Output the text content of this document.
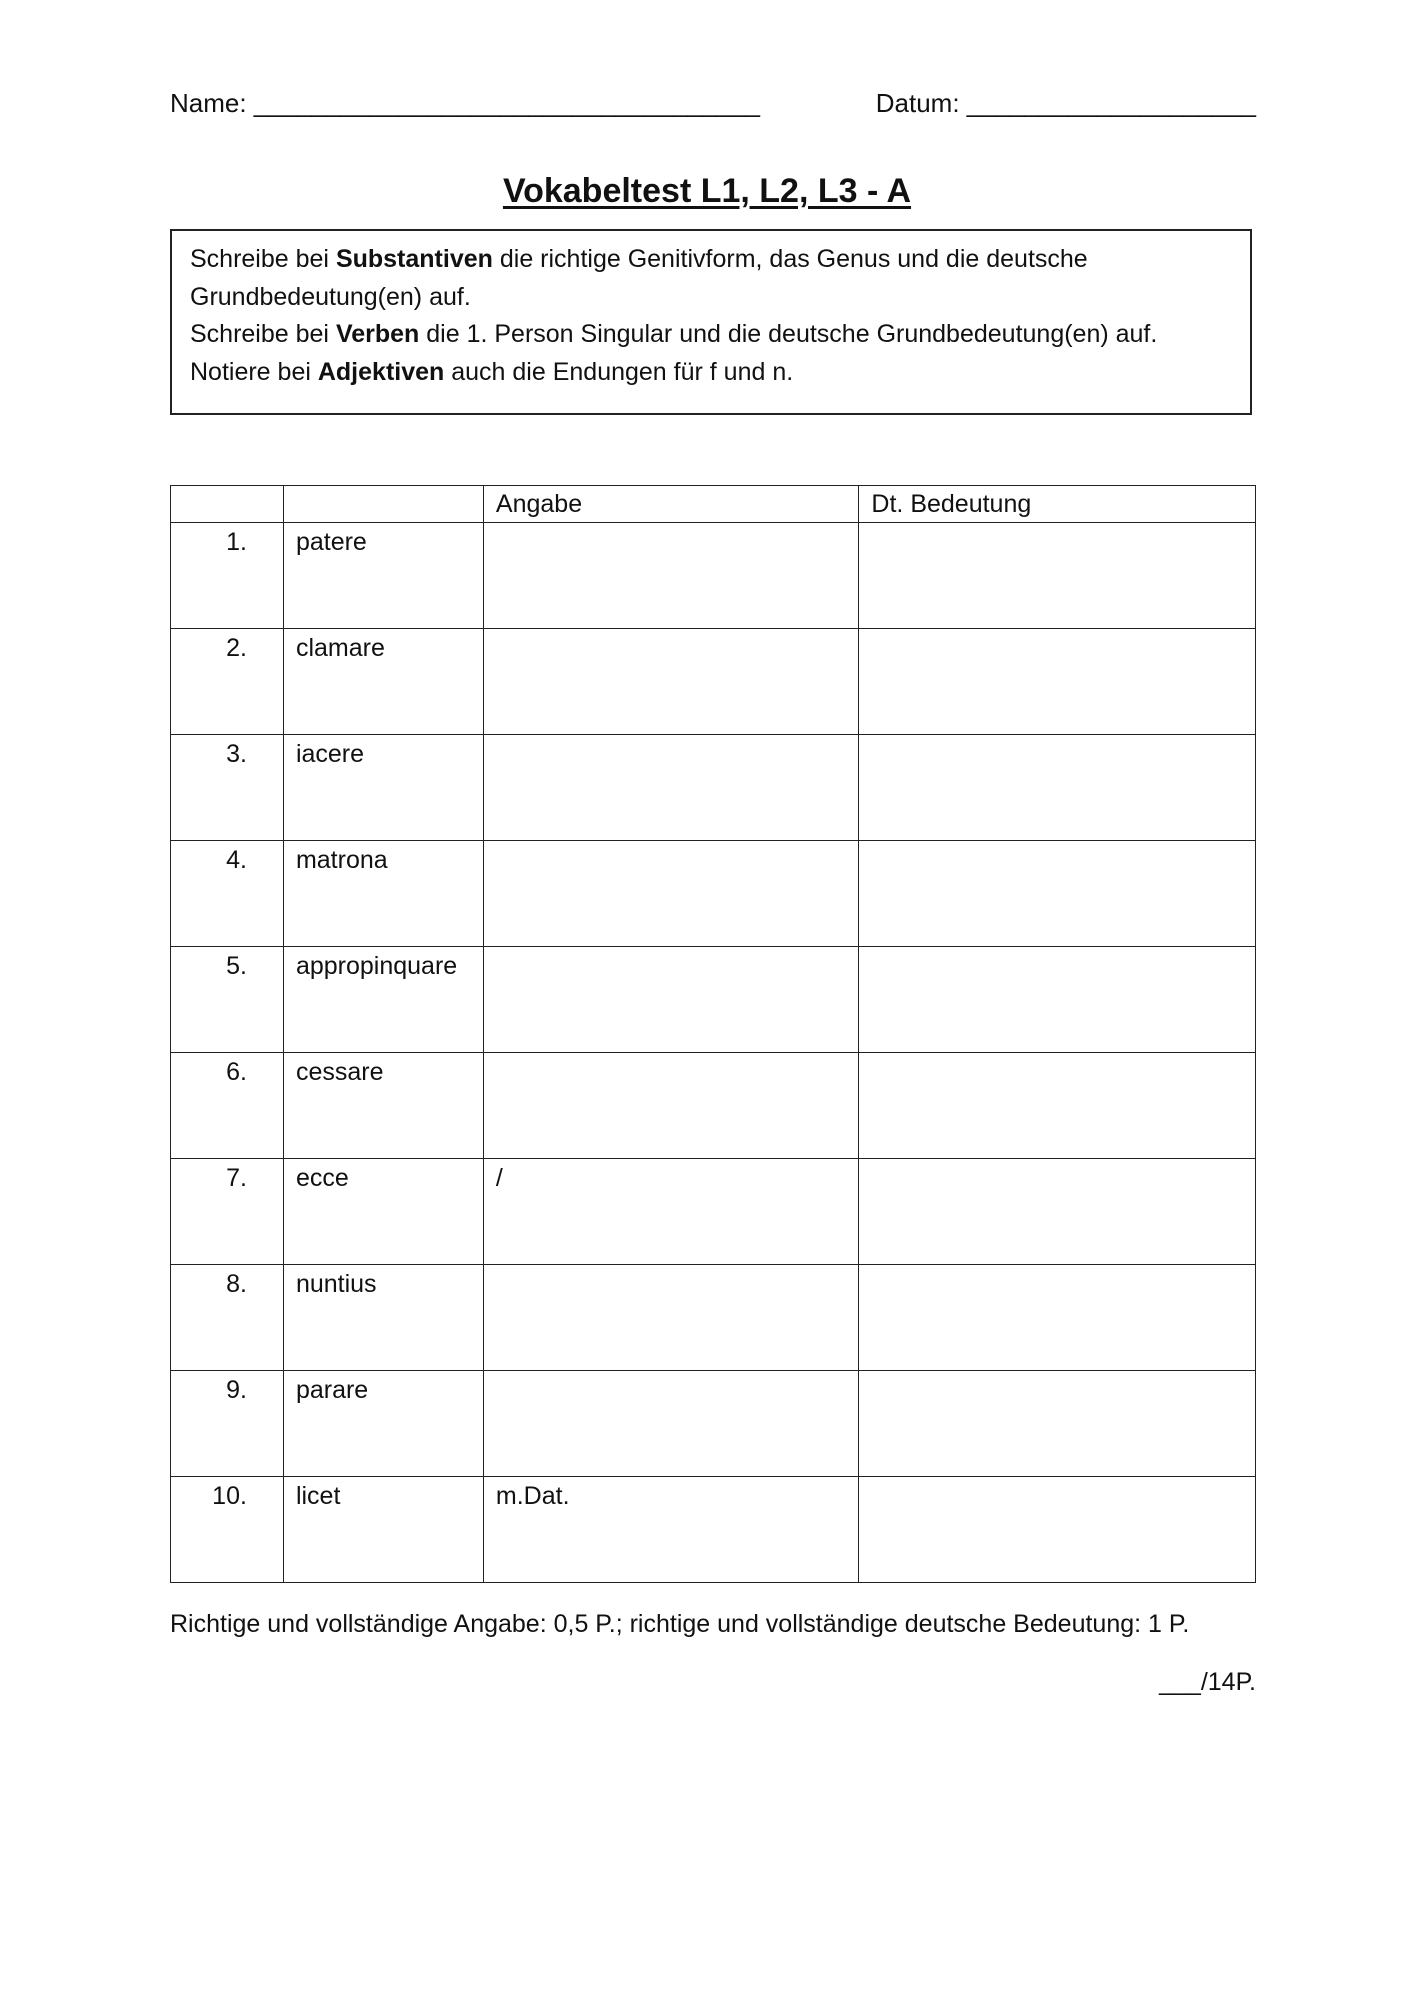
Name: ___________________________________	Datum: ____________________
Vokabeltest L1, L2, L3 - A

Schreibe bei Substantiven die richtige Genitivform, das Genus und die deutsche Grundbedeutung(en) auf.

Schreibe bei Verben die 1. Person Singular und die deutsche Grundbedeutung(en) auf.

Notiere bei Adjektiven auch die Endungen für f und n.

		Angabe	Dt. Bedeutung
1.	patere		
2.	clamare		
3.	iacere		
4.	matrona		
5.	appropinquare		
6.	cessare		
7.	ecce	/	
8.	nuntius		
9.	parare		
10.	licet	m.Dat.	
Richtige und vollständige Angabe: 0,5 P.; richtige und vollständige deutsche Bedeutung: 1 P.
___/14P.
